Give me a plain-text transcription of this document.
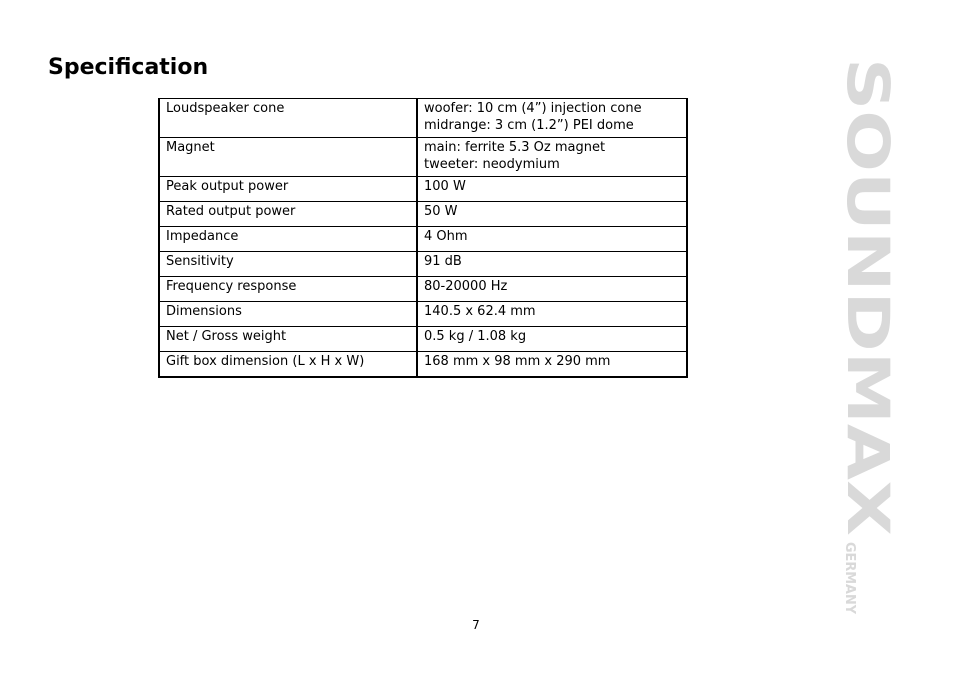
Specification
Loudspeaker cone	woofer: 10 cm (4”) injection cone
midrange: 3 cm (1.2”) PEI dome
Magnet	main: ferrite 5.3 Oz magnet
tweeter: neodymium
Peak output power	100 W
Rated output power	50 W
Impedance	4 Ohm
Sensitivity	91 dB
Frequency response	80-20000 Hz
Dimensions	140.5 x 62.4 mm
Net / Gross weight	0.5 kg / 1.08 kg
Gift box dimension (L x H x W)	168 mm x 98 mm x 290 mm	SOUNDMAX
GERMANY
7
